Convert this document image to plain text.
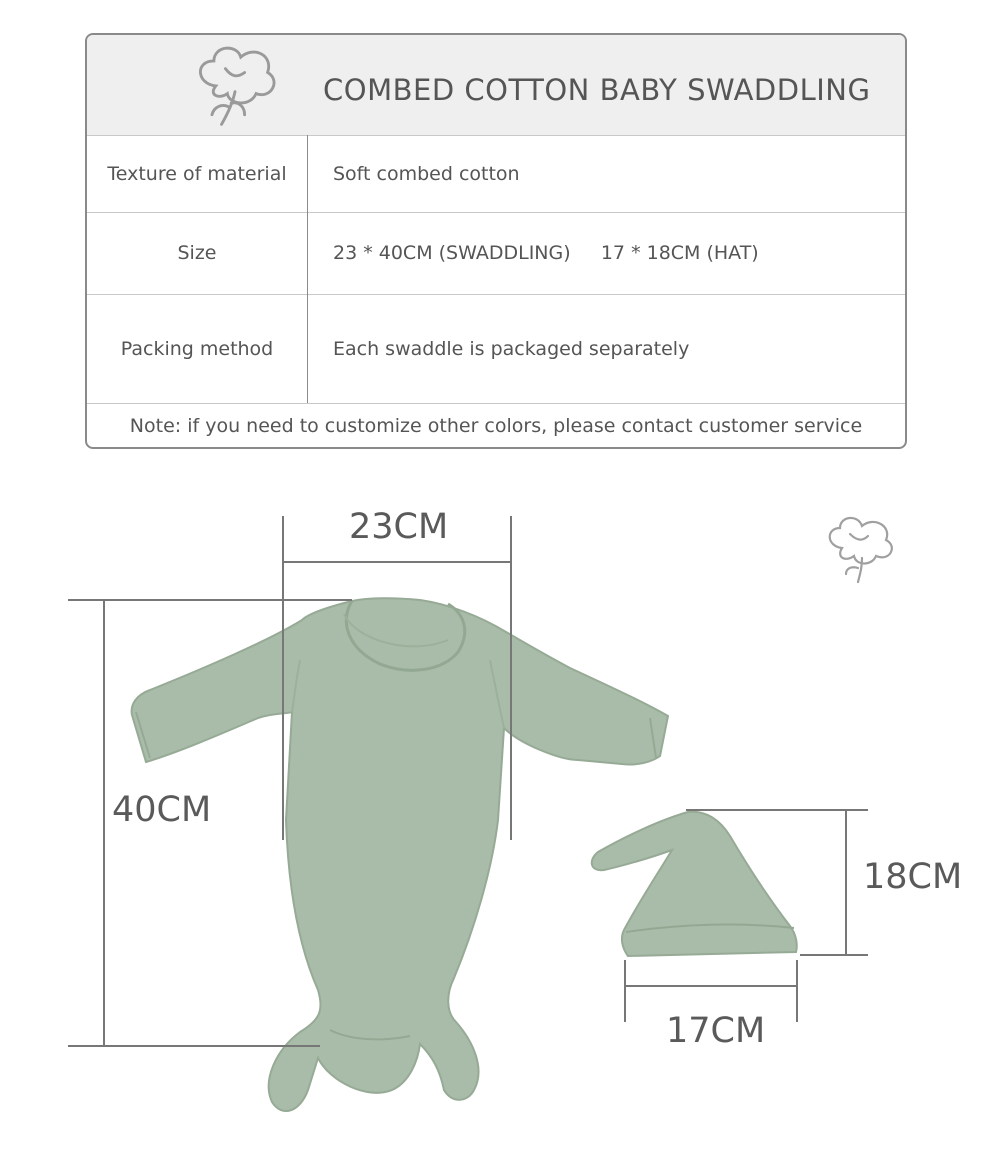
COMBED COTTON BABY SWADDLING
Texture of material	Soft combed cotton
Size	23 * 40CM (SWADDLING)     17 * 18CM (HAT)
Packing method	Each swaddle is packaged separately
Note: if you need to customize other colors, please contact customer service
23CM
40CM
18CM
17CM
